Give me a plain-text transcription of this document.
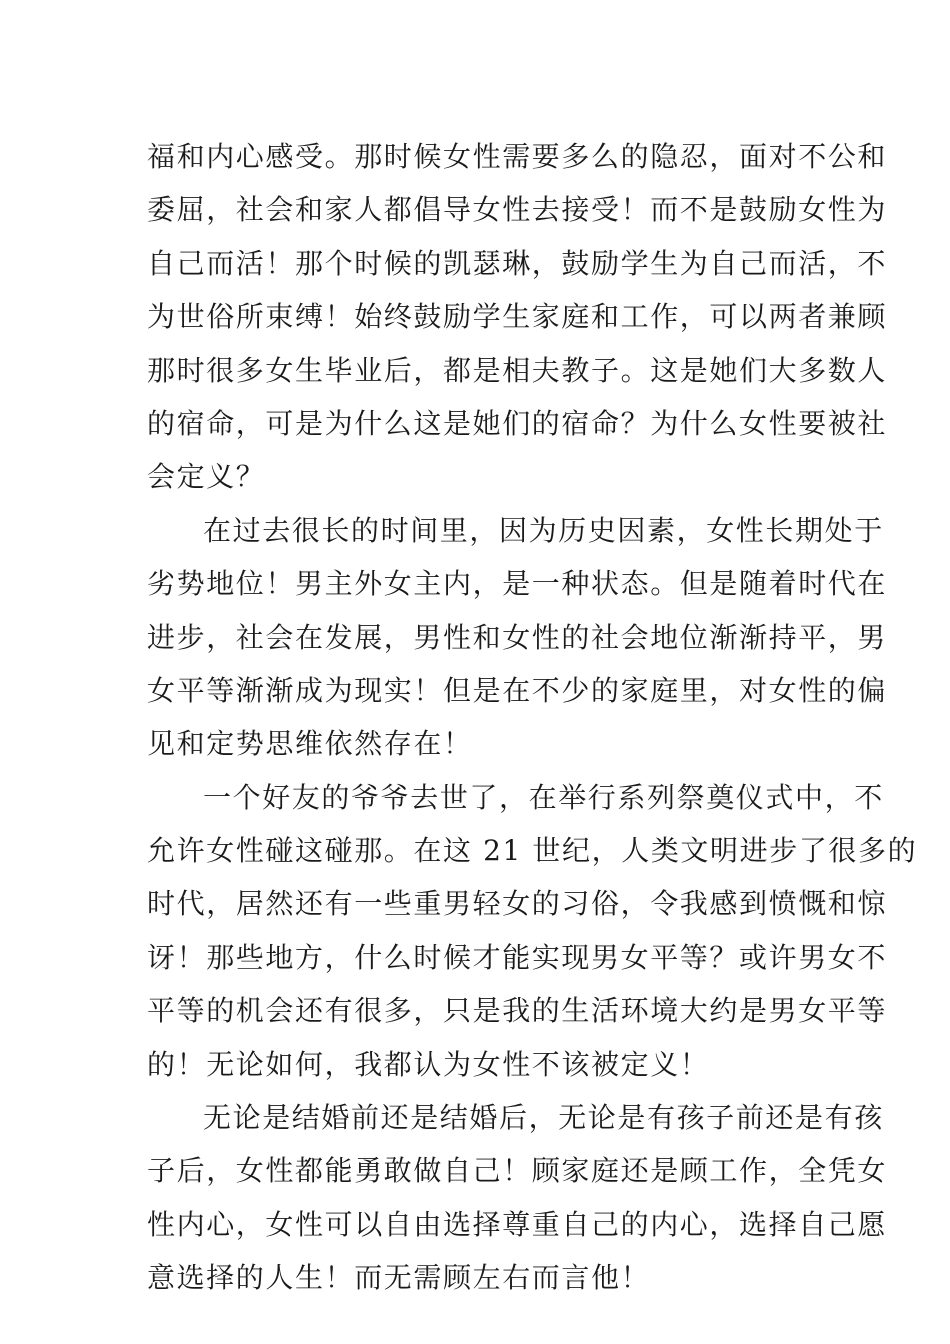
福和内心感受。那时候女性需要多么的隐忍，面对不公和
委屈，社会和家人都倡导女性去接受！而不是鼓励女性为
自己而活！那个时候的凯瑟琳，鼓励学生为自己而活，不
为世俗所束缚！始终鼓励学生家庭和工作，可以两者兼顾
那时很多女生毕业后，都是相夫教子。这是她们大多数人
的宿命，可是为什么这是她们的宿命？为什么女性要被社
会定义？
在过去很长的时间里，因为历史因素，女性长期处于
劣势地位！男主外女主内，是一种状态。但是随着时代在
进步，社会在发展，男性和女性的社会地位渐渐持平，男
女平等渐渐成为现实！但是在不少的家庭里，对女性的偏
见和定势思维依然存在！
一个好友的爷爷去世了，在举行系列祭奠仪式中，不
允许女性碰这碰那。在这 21 世纪，人类文明进步了很多的
时代，居然还有一些重男轻女的习俗，令我感到愤慨和惊
讶！那些地方，什么时候才能实现男女平等？或许男女不
平等的机会还有很多，只是我的生活环境大约是男女平等
的！无论如何，我都认为女性不该被定义！
无论是结婚前还是结婚后，无论是有孩子前还是有孩
子后，女性都能勇敢做自己！顾家庭还是顾工作，全凭女
性内心，女性可以自由选择尊重自己的内心，选择自己愿
意选择的人生！而无需顾左右而言他！
